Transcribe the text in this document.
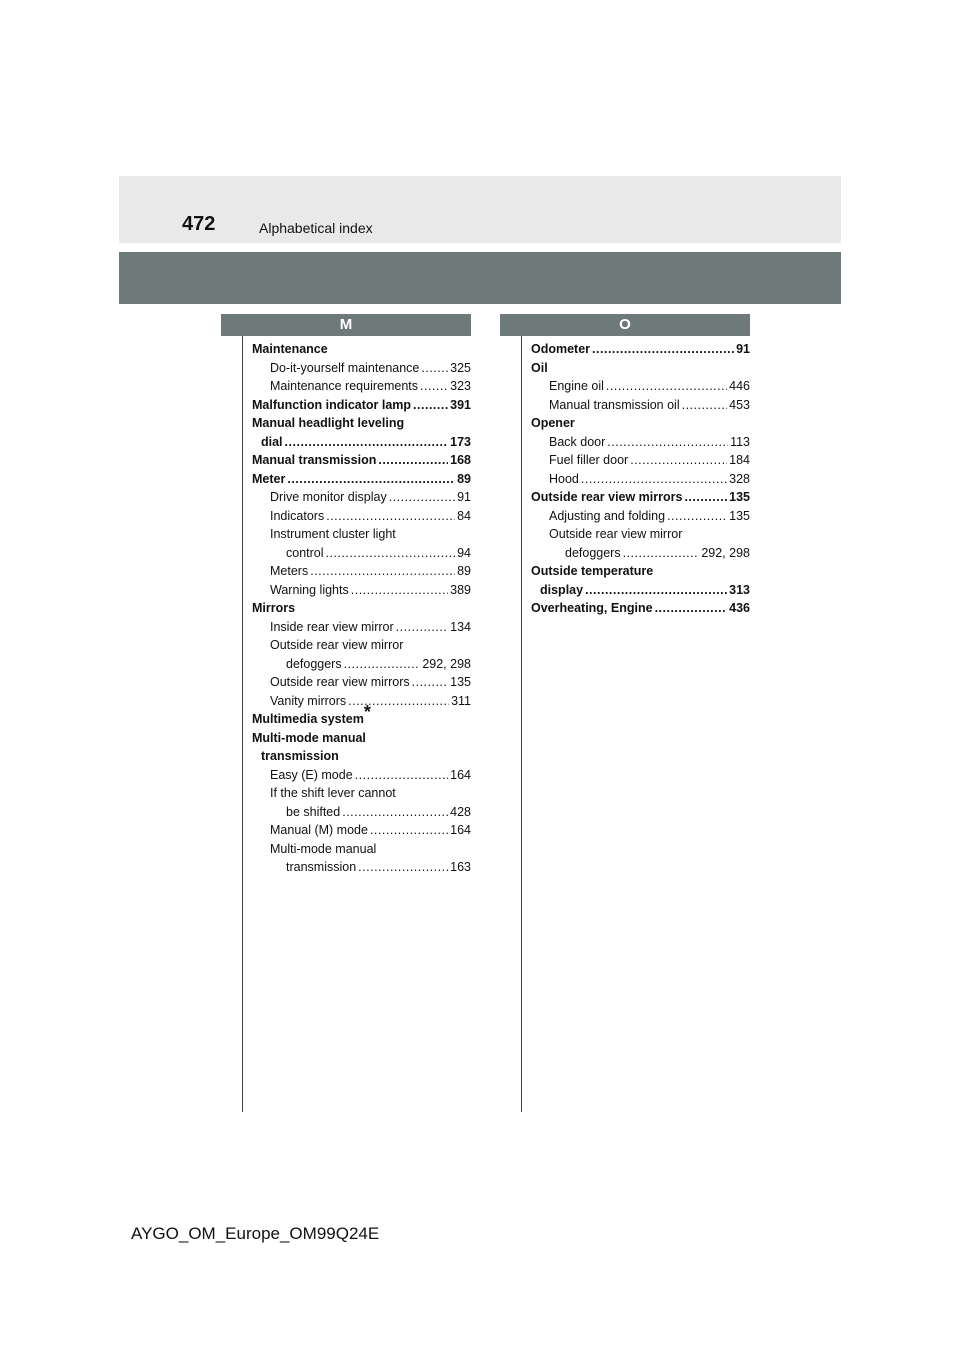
472	Alphabetical index
M	O
Maintenance
Do-it-yourself maintenance ..... 325
Maintenance requirements .....	323
Malfunction indicator lamp .....	391
Manual headlight leveling
dial .....	173
Manual transmission .....	168
Meter .....	89
Drive monitor display .....	91
Indicators .....	84
Instrument cluster light
control .....	94
Meters .....	89
Warning lights .....	389
Mirrors
Inside rear view mirror .....	134
Outside rear view mirror
defoggers .....	292, 298
Outside rear view mirrors .....	135
Vanity mirrors .....	311
Multimedia system *
Multi-mode manual
transmission
Easy (E) mode .....	164
If the shift lever cannot
be shifted .....	428
Manual (M) mode .....	164
Multi-mode manual
transmission .....	163
Odometer .....	91
Oil
Engine oil .....	446
Manual transmission oil .....	453
Opener
Back door .....	113
Fuel filler door .....	184
Hood .....	328
Outside rear view mirrors .....	135
Adjusting and folding .....	135
Outside rear view mirror
defoggers .....	292, 298
Outside temperature
display .....	313
Overheating, Engine .....	436
AYGO_OM_Europe_OM99Q24E
